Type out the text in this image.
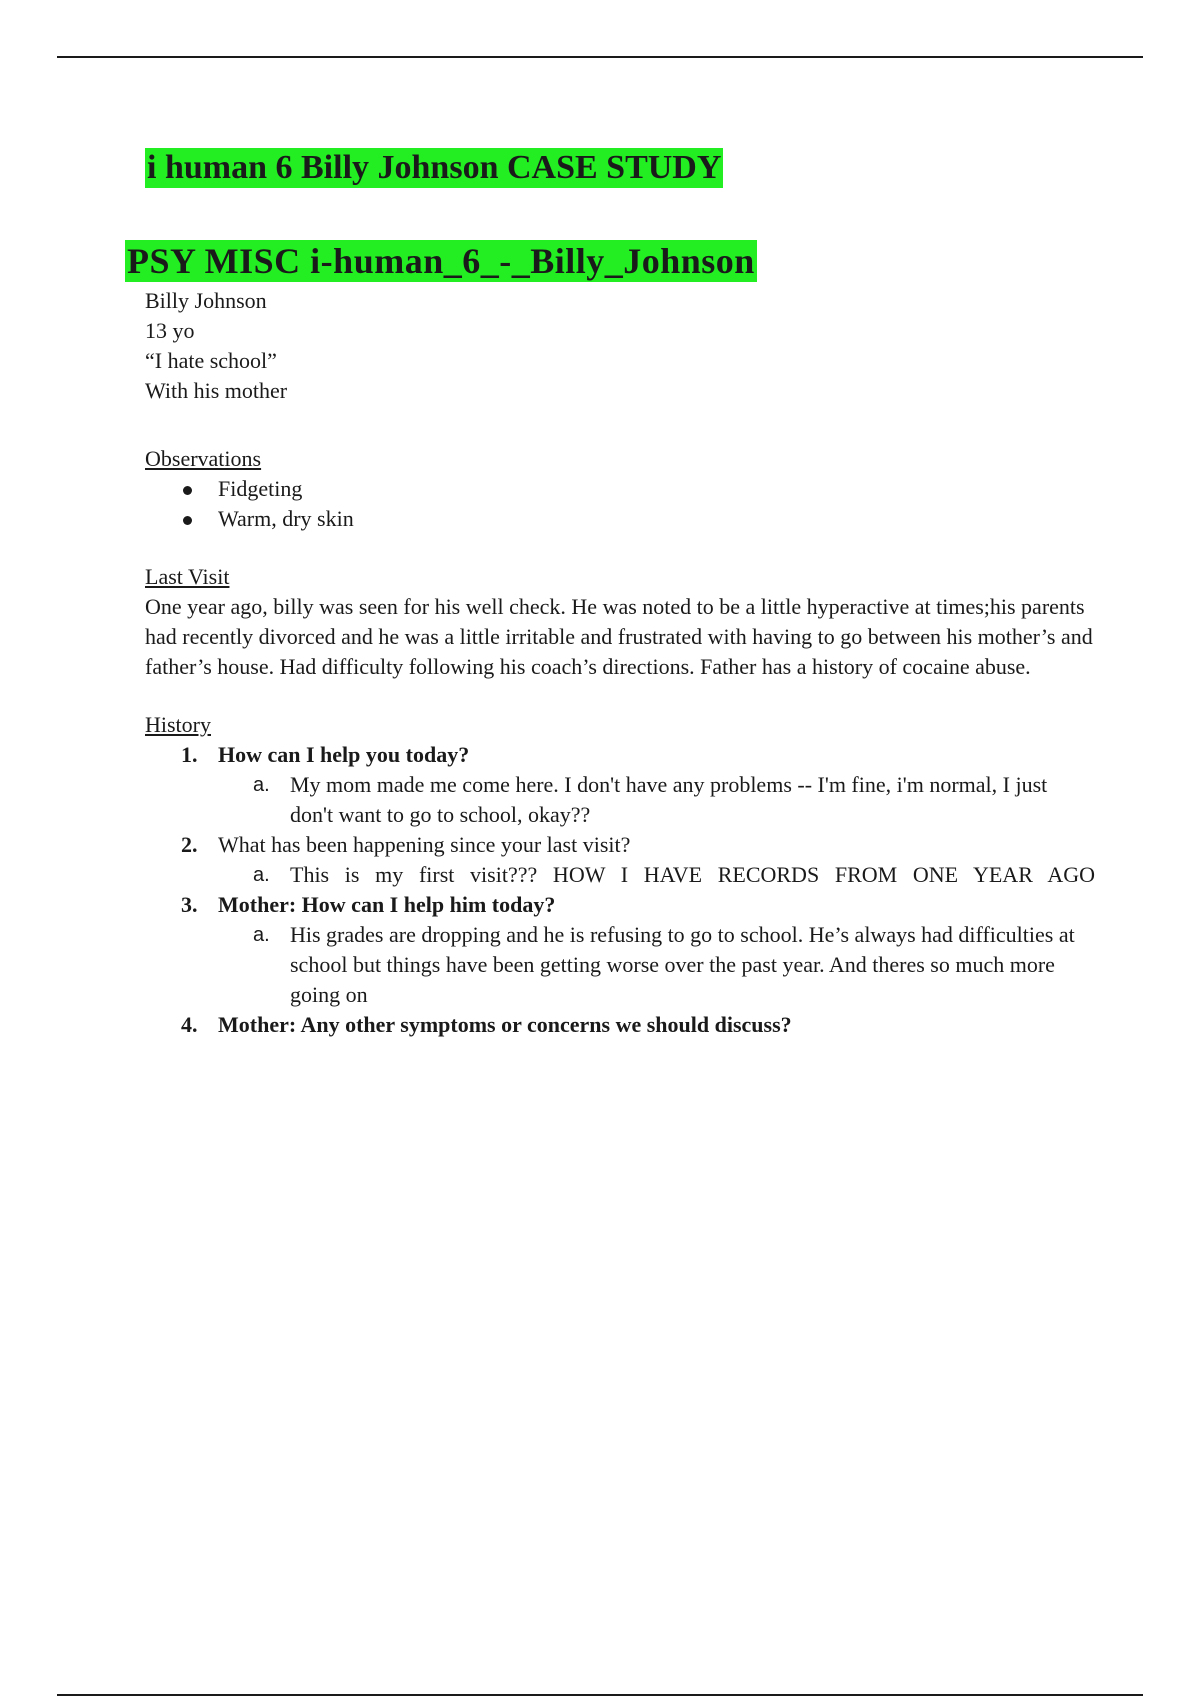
i human 6 Billy Johnson CASE STUDY
PSY MISC i-human_6_-_Billy_Johnson

Billy Johnson

13 yo

“I hate school”

With his mother

Observations

Fidgeting
Warm, dry skin

Last Visit

One year ago, billy was seen for his well check. He was noted to be a little hyperactive at times;his parents had recently divorced and he was a little irritable and frustrated with having to go between his mother’s and father’s house. Had difficulty following his coach’s directions. Father has a history of cocaine abuse.

History

1. How can I help you today?
a. My mom made me come here. I don't have any problems -- I'm fine, i'm normal, I just don't want to go to school, okay??
2. What has been happening since your last visit?
a. This is my first visit??? HOW I HAVE RECORDS FROM ONE YEAR AGO
3. Mother: How can I help him today?
a. His grades are dropping and he is refusing to go to school. He’s always had difficulties at school but things have been getting worse over the past year. And theres so much more going on
4. Mother: Any other symptoms or concerns we should discuss?
